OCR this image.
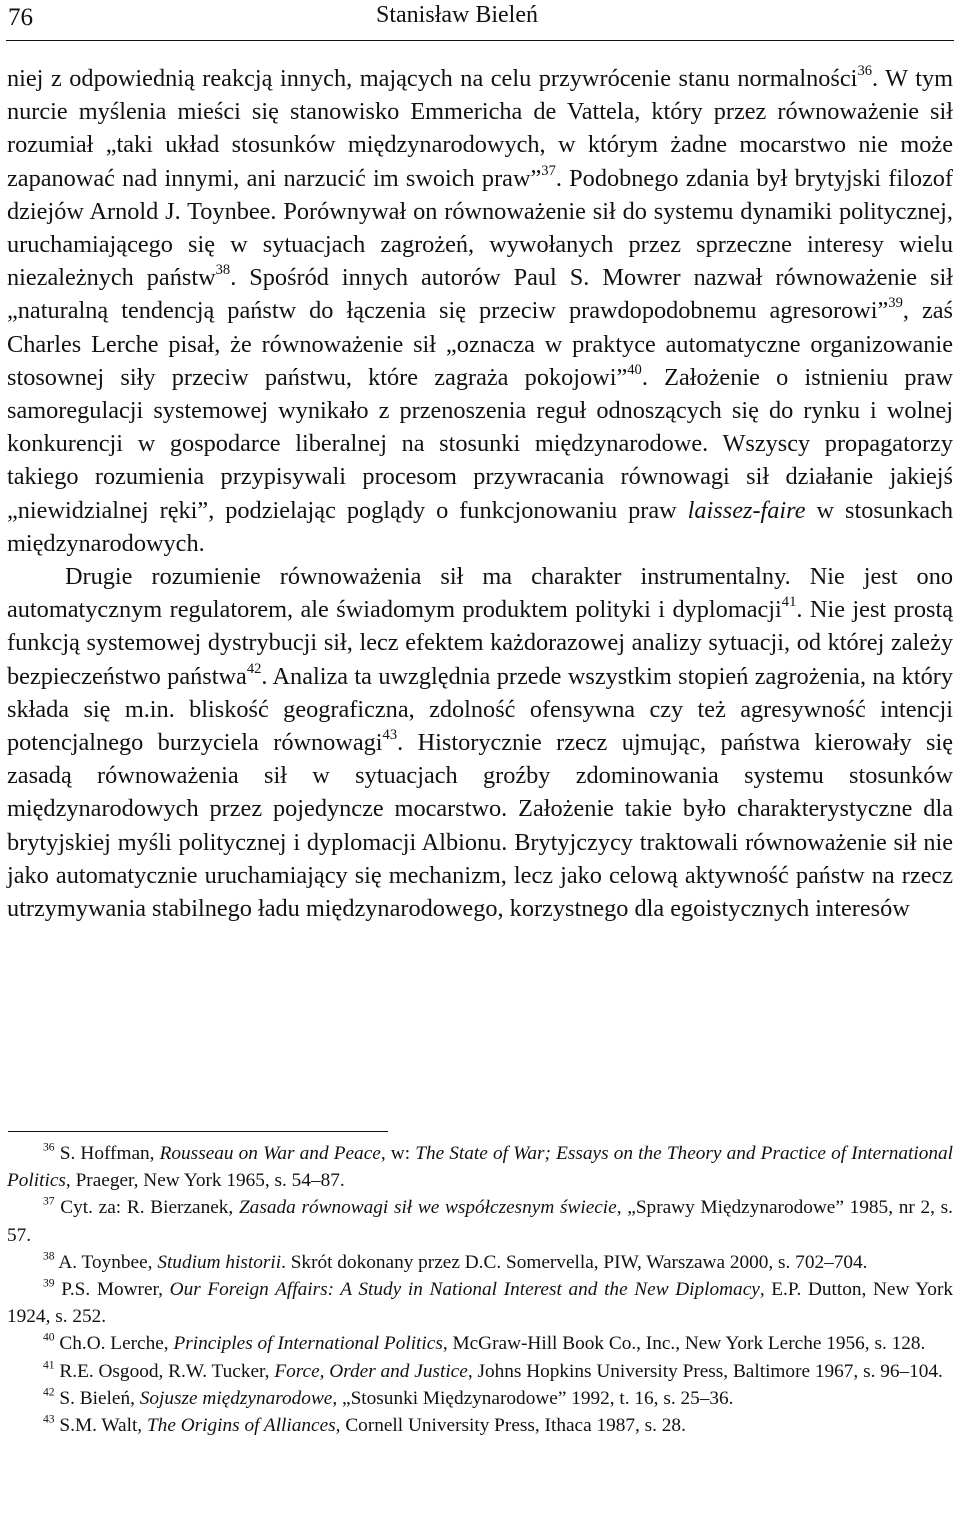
76	Stanisław Bieleń

niej z odpowiednią reakcją innych, mających na celu przywrócenie stanu normalności$^{36}$. W tym nurcie myślenia mieści się stanowisko Emmericha de Vattela, który przez równoważenie sił rozumiał „taki układ stosunków międzynarodowych, w którym żadne mocarstwo nie może zapanować nad innymi, ani narzucić im swoich praw”$^{37}$. Podobnego zdania był brytyjski filozof dziejów Arnold J. Toynbee. Porównywał on równoważenie sił do systemu dynamiki politycznej, uruchamiającego się w sytuacjach zagrożeń, wywołanych przez sprzeczne interesy wielu niezależnych państw$^{38}$. Spośród innych autorów Paul S. Mowrer nazwał równoważenie sił „naturalną tendencją państw do łączenia się przeciw prawdopodobnemu agresorowi”$^{39}$, zaś Charles Lerche pisał, że równoważenie sił „oznacza w praktyce automatyczne organizowanie stosownej siły przeciw państwu, które zagraża pokojowi”$^{40}$. Założenie o istnieniu praw samoregulacji systemowej wynikało z przenoszenia reguł odnoszących się do rynku i wolnej konkurencji w gospodarce liberalnej na stosunki międzynarodowe. Wszyscy propagatorzy takiego rozumienia przypisywali procesom przywracania równowagi sił działanie jakiejś „niewidzialnej ręki”, podzielając poglądy o funkcjonowaniu praw laissez-faire w stosunkach międzynarodowych.

Drugie rozumienie równoważenia sił ma charakter instrumentalny. Nie jest ono automatycznym regulatorem, ale świadomym produktem polityki i dyplomacji$^{41}$. Nie jest prostą funkcją systemowej dystrybucji sił, lecz efektem każdorazowej analizy sytuacji, od której zależy bezpieczeństwo państwa$^{42}$. Analiza ta uwzględnia przede wszystkim stopień zagrożenia, na który składa się m.in. bliskość geograficzna, zdolność ofensywna czy też agresywność intencji potencjalnego burzyciela równowagi$^{43}$. Historycznie rzecz ujmując, państwa kierowały się zasadą równoważenia sił w sytuacjach groźby zdominowania systemu stosunków międzynarodowych przez pojedyncze mocarstwo. Założenie takie było charakterystyczne dla brytyjskiej myśli politycznej i dyplomacji Albionu. Brytyjczycy traktowali równoważenie sił nie jako automatycznie uruchamiający się mechanizm, lecz jako celową aktywność państw na rzecz utrzymywania stabilnego ładu międzynarodowego, korzystnego dla egoistycznych interesów

$^{36}$ S. Hoffman, Rousseau on War and Peace, w: The State of War; Essays on the Theory and Practice of International Politics, Praeger, New York 1965, s. 54–87.

$^{37}$ Cyt. za: R. Bierzanek, Zasada równowagi sił we współczesnym świecie, „Sprawy Międzynarodowe” 1985, nr 2, s. 57.

$^{38}$ A. Toynbee, Studium historii. Skrót dokonany przez D.C. Somervella, PIW, Warszawa 2000, s. 702–704.

$^{39}$ P.S. Mowrer, Our Foreign Affairs: A Study in National Interest and the New Diplomacy, E.P. Dutton, New York 1924, s. 252.

$^{40}$ Ch.O. Lerche, Principles of International Politics, McGraw-Hill Book Co., Inc., New York Lerche 1956, s. 128.

$^{41}$ R.E. Osgood, R.W. Tucker, Force, Order and Justice, Johns Hopkins University Press, Baltimore 1967, s. 96–104.

$^{42}$ S. Bieleń, Sojusze międzynarodowe, „Stosunki Międzynarodowe” 1992, t. 16, s. 25–36.

$^{43}$ S.M. Walt, The Origins of Alliances, Cornell University Press, Ithaca 1987, s. 28.
